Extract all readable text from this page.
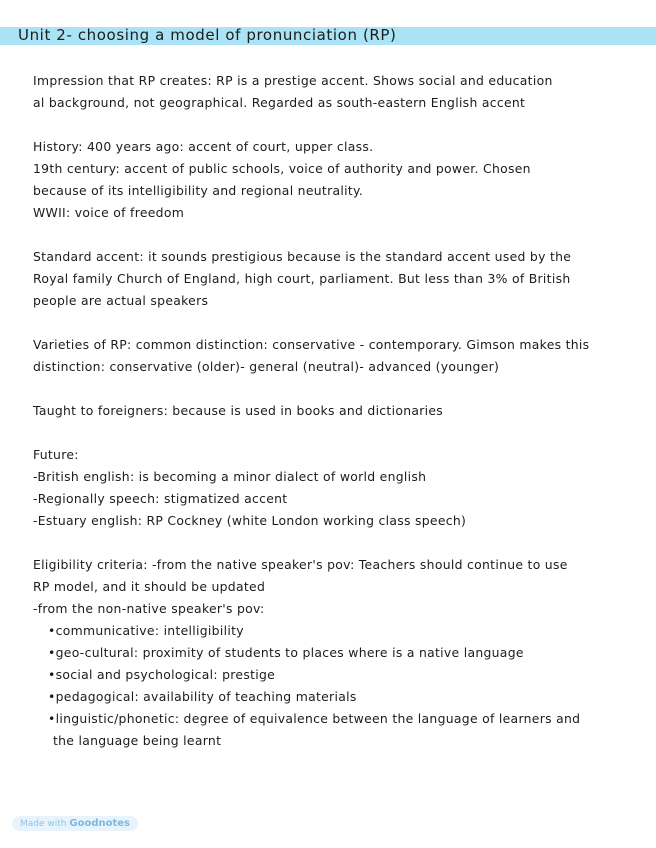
Unit 2- choosing a model of pronunciation (RP)
Impression that RP creates: RP is a prestige accent. Shows social and education
al background, not geographical. Regarded as south-eastern English accent
History: 400 years ago: accent of court, upper class.
19th century: accent of public schools, voice of authority and power. Chosen
because of its intelligibility and regional neutrality.
WWII: voice of freedom
Standard accent: it sounds prestigious because is the standard accent used by the
Royal family Church of England, high court, parliament. But less than 3% of British
people are actual speakers
Varieties of RP: common distinction: conservative - contemporary. Gimson makes this
distinction: conservative (older)- general (neutral)- advanced (younger)
Taught to foreigners: because is used in books and dictionaries
Future:
-British english: is becoming a minor dialect of world english
-Regionally speech: stigmatized accent
-Estuary english: RP Cockney (white London working class speech)
Eligibility criteria: -from the native speaker's pov: Teachers should continue to use
RP model, and it should be updated
-from the non-native speaker's pov:
•communicative: intelligibility
•geo-cultural: proximity of students to places where is a native language
•social and psychological: prestige
•pedagogical: availability of teaching materials
•linguistic/phonetic: degree of equivalence between the language of learners and
the language being learnt
Made with Goodnotes
